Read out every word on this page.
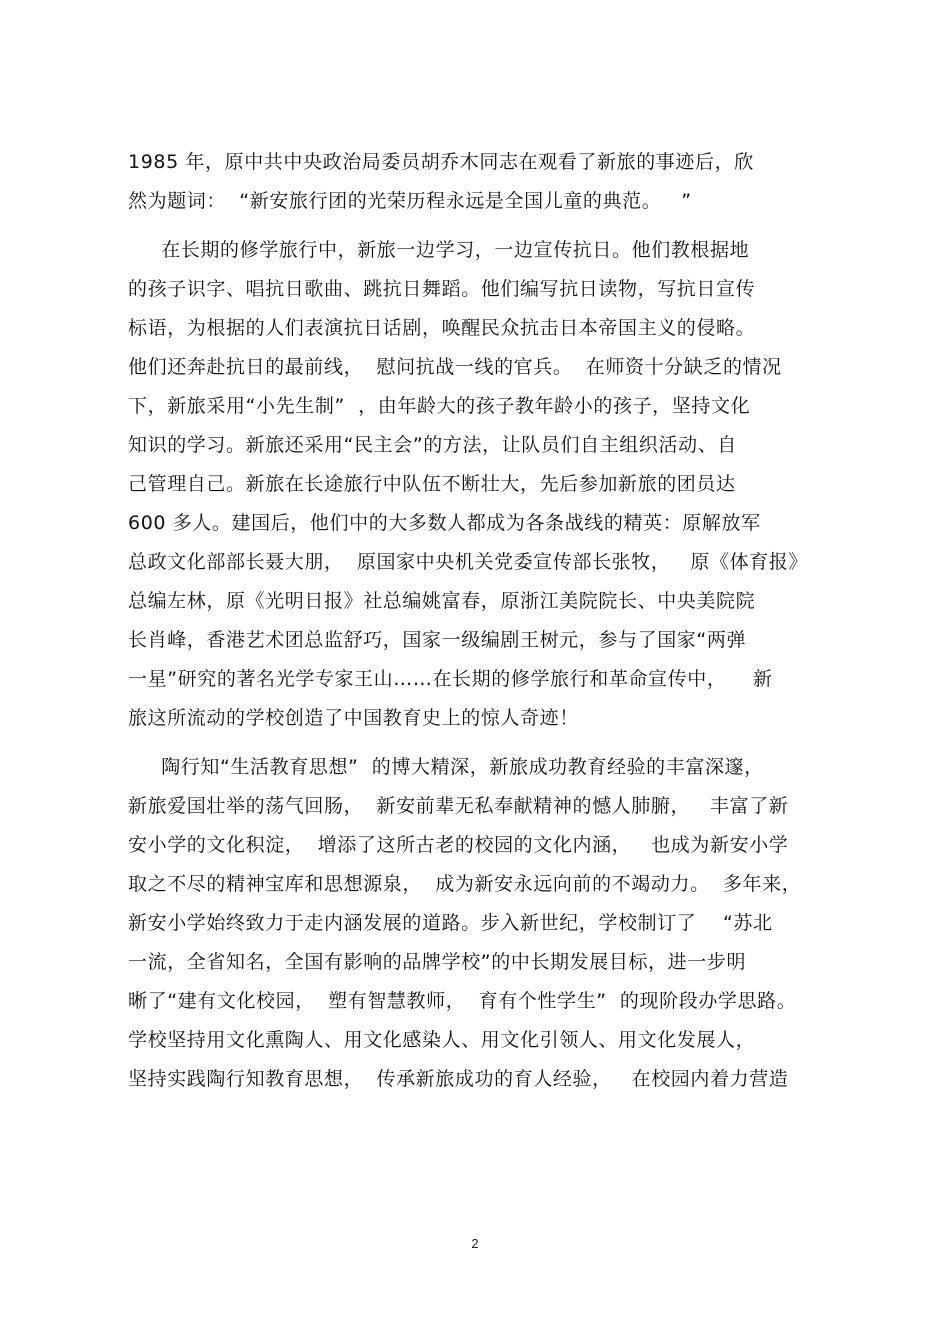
1985 年，原中共中央政治局委员胡乔木同志在观看了新旅的事迹后，欣
然为题词：  “新安旅行团的光荣历程永远是全国儿童的典范。   ”
在长期的修学旅行中，新旅一边学习，一边宣传抗日。他们教根据地
的孩子识字、唱抗日歌曲、跳抗日舞蹈。他们编写抗日读物，写抗日宣传
标语，为根据的人们表演抗日话剧，唤醒民众抗击日本帝国主义的侵略。
他们还奔赴抗日的最前线，  慰问抗战一线的官兵。  在师资十分缺乏的情况
下，新旅采用“小先生制”  ，由年龄大的孩子教年龄小的孩子，坚持文化
知识的学习。新旅还采用“民主会”的方法，让队员们自主组织活动、自
己管理自己。新旅在长途旅行中队伍不断壮大，先后参加新旅的团员达
600 多人。建国后，他们中的大多数人都成为各条战线的精英：原解放军
总政文化部部长聂大朋，  原国家中央机关党委宣传部长张牧，   原《体育报》
总编左林，原《光明日报》社总编姚富春，原浙江美院院长、中央美院院
长肖峰，香港艺术团总监舒巧，国家一级编剧王树元，参与了国家“两弹
一星”研究的著名光学专家王山……在长期的修学旅行和革命宣传中，    新
旅这所流动的学校创造了中国教育史上的惊人奇迹！
陶行知“生活教育思想”  的博大精深，新旅成功教育经验的丰富深邃，
新旅爱国壮举的荡气回肠，  新安前辈无私奉献精神的憾人肺腑，   丰富了新
安小学的文化积淀，  增添了这所古老的校园的文化内涵，   也成为新安小学
取之不尽的精神宝库和思想源泉，  成为新安永远向前的不竭动力。  多年来，
新安小学始终致力于走内涵发展的道路。步入新世纪，学校制订了    “苏北
一流，全省知名，全国有影响的品牌学校”的中长期发展目标，进一步明
晰了“建有文化校园，  塑有智慧教师，  育有个性学生”  的现阶段办学思路。
学校坚持用文化熏陶人、用文化感染人、用文化引领人、用文化发展人，
坚持实践陶行知教育思想，  传承新旅成功的育人经验，   在校园内着力营造
2
